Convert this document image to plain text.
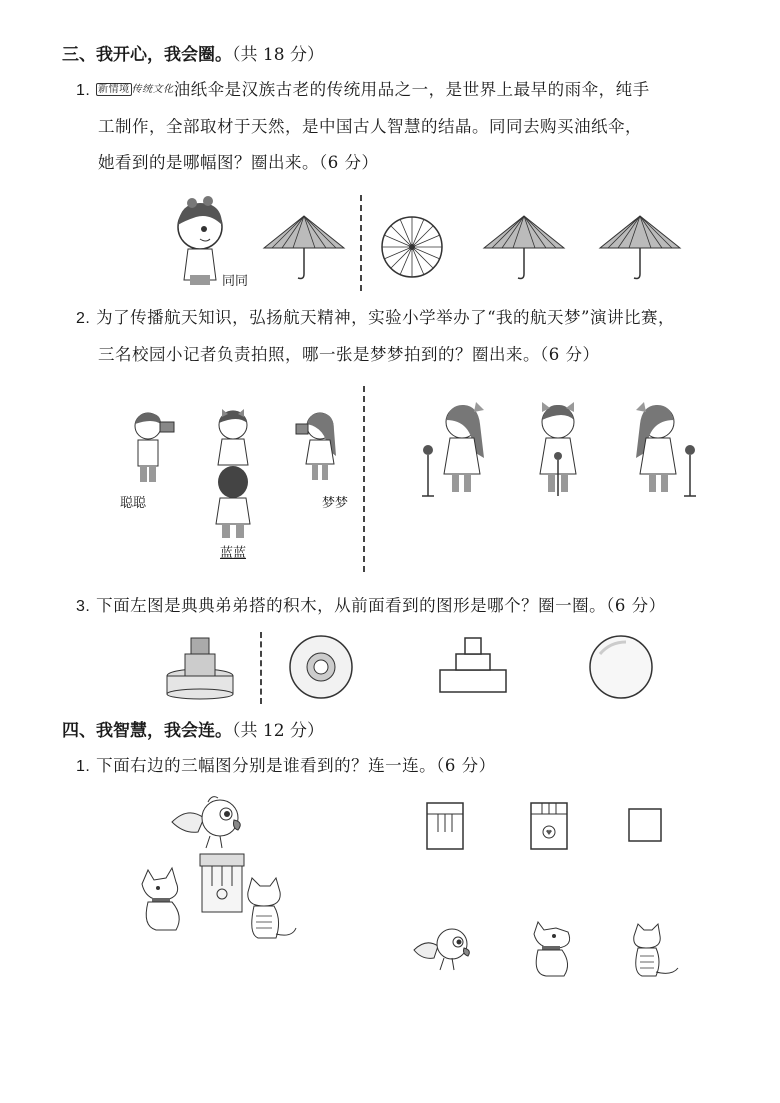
三、我开心，我会圈。（共 18 分）
1. 新情境 传统文化油纸伞是汉族古老的传统用品之一，是世界上最早的雨伞，纯手
工制作，全部取材于天然，是中国古人智慧的结晶。同同去购买油纸伞，
她看到的是哪幅图？圈出来。（6 分）
同同
2. 为了传播航天知识，弘扬航天精神，实验小学举办了“我的航天梦”演讲比赛，
三名校园小记者负责拍照，哪一张是梦梦拍到的？圈出来。（6 分）
聪聪
蓝蓝
梦梦
3. 下面左图是典典弟弟搭的积木，从前面看到的图形是哪个？圈一圈。（6 分）
四、我智慧，我会连。（共 12 分）
1. 下面右边的三幅图分别是谁看到的？连一连。（6 分）
